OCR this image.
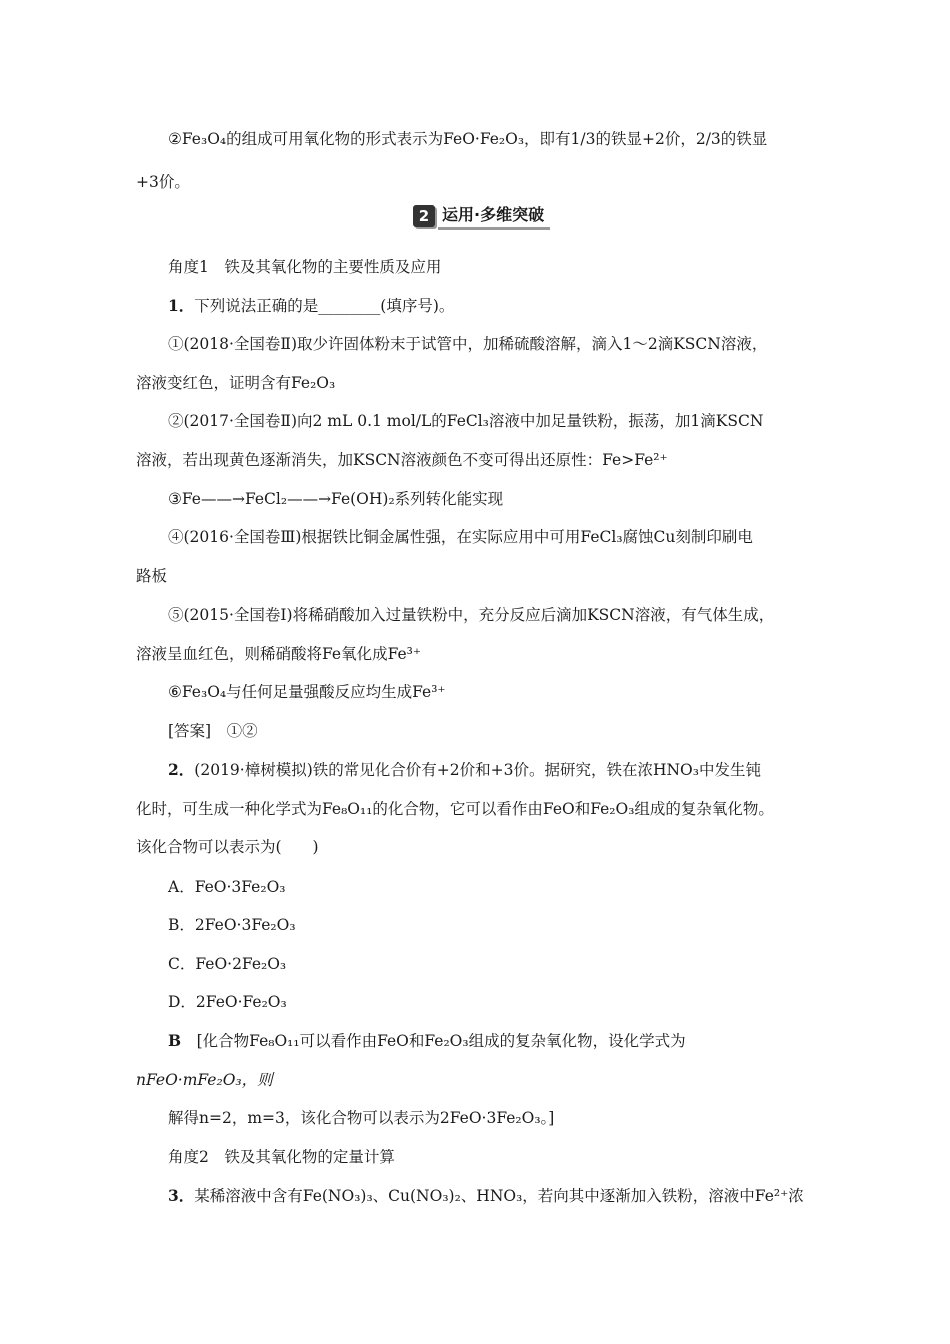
②Fe₃O₄的组成可用氧化物的形式表示为FeO·Fe₂O₃，即有1/3的铁显+2价，2/3的铁显
+3价。
2 运用·多维突破
角度1　铁及其氧化物的主要性质及应用
1．下列说法正确的是________(填序号)。
①(2018·全国卷Ⅱ)取少许固体粉末于试管中，加稀硫酸溶解，滴入1～2滴KSCN溶液，
溶液变红色，证明含有Fe₂O₃
②(2017·全国卷Ⅱ)向2 mL 0.1 mol/L的FeCl₃溶液中加足量铁粉，振荡，加1滴KSCN
溶液，若出现黄色逐渐消失，加KSCN溶液颜色不变可得出还原性：Fe>Fe²⁺
③Fe——→FeCl₂——→Fe(OH)₂系列转化能实现
④(2016·全国卷Ⅲ)根据铁比铜金属性强，在实际应用中可用FeCl₃腐蚀Cu刻制印刷电
路板
⑤(2015·全国卷Ⅰ)将稀硝酸加入过量铁粉中，充分反应后滴加KSCN溶液，有气体生成，
溶液呈血红色，则稀硝酸将Fe氧化成Fe³⁺
⑥Fe₃O₄与任何足量强酸反应均生成Fe³⁺
[答案]　①②
2．(2019·樟树模拟)铁的常见化合价有+2价和+3价。据研究，铁在浓HNO₃中发生钝
化时，可生成一种化学式为Fe₈O₁₁的化合物，它可以看作由FeO和Fe₂O₃组成的复杂氧化物。
该化合物可以表示为(　　)
A．FeO·3Fe₂O₃
B．2FeO·3Fe₂O₃
C．FeO·2Fe₂O₃
D．2FeO·Fe₂O₃
B  [化合物Fe₈O₁₁可以看作由FeO和Fe₂O₃组成的复杂氧化物，设化学式为
nFeO·mFe₂O₃，则
解得n=2，m=3，该化合物可以表示为2FeO·3Fe₂O₃。]
角度2　铁及其氧化物的定量计算
3．某稀溶液中含有Fe(NO₃)₃、Cu(NO₃)₂、HNO₃，若向其中逐渐加入铁粉，溶液中Fe²⁺浓
